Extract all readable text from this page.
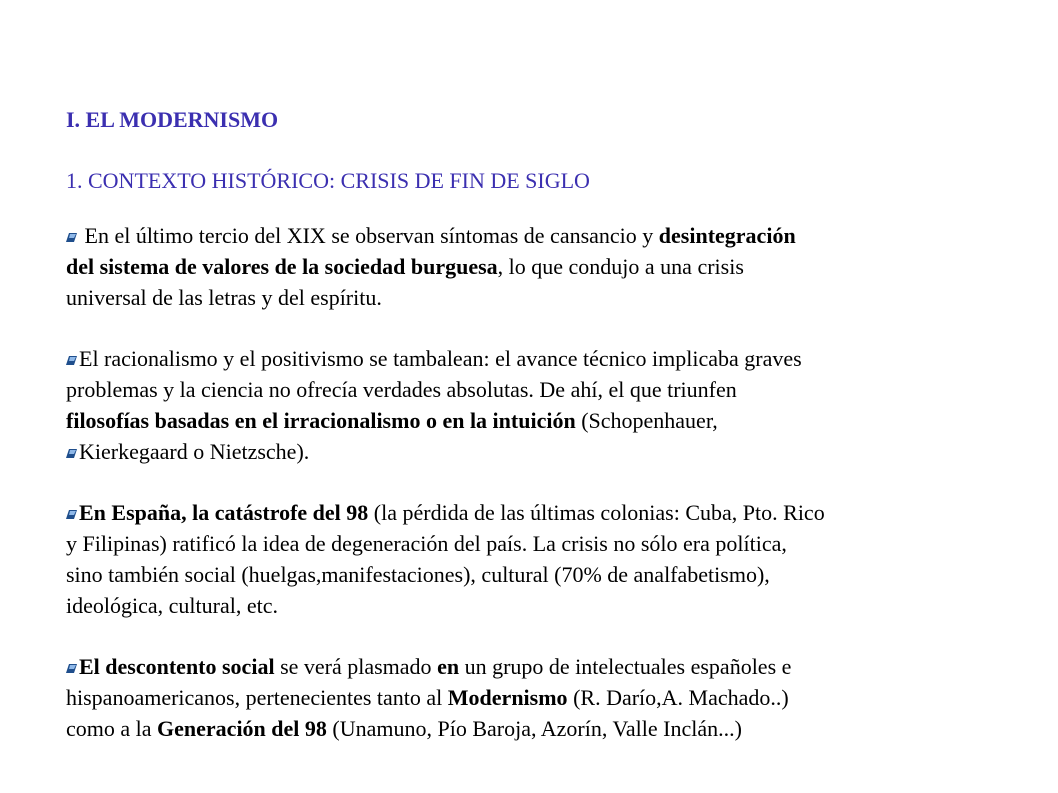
I. EL MODERNISMO
1. CONTEXTO HISTÓRICO: CRISIS DE FIN DE SIGLO

En el último tercio del XIX se observan síntomas de cansancio y desintegración

del sistema de valores de la sociedad burguesa, lo que condujo a una crisis

universal de las letras y del espíritu.

El racionalismo y el positivismo se tambalean: el avance técnico implicaba graves

problemas y la ciencia no ofrecía verdades absolutas. De ahí, el que triunfen

filosofías basadas en el irracionalismo o en la intuición (Schopenhauer,

Kierkegaard o Nietzsche).

En España, la catástrofe del 98 (la pérdida de las últimas colonias: Cuba, Pto. Rico

y Filipinas) ratificó la idea de degeneración del país. La crisis no sólo era política,

sino también social (huelgas,manifestaciones), cultural (70% de analfabetismo),

ideológica, cultural, etc.

El descontento social se verá plasmado en un grupo de intelectuales españoles e

hispanoamericanos, pertenecientes tanto al Modernismo (R. Darío,A. Machado..)

como a la Generación del 98 (Unamuno, Pío Baroja, Azorín, Valle Inclán...)
